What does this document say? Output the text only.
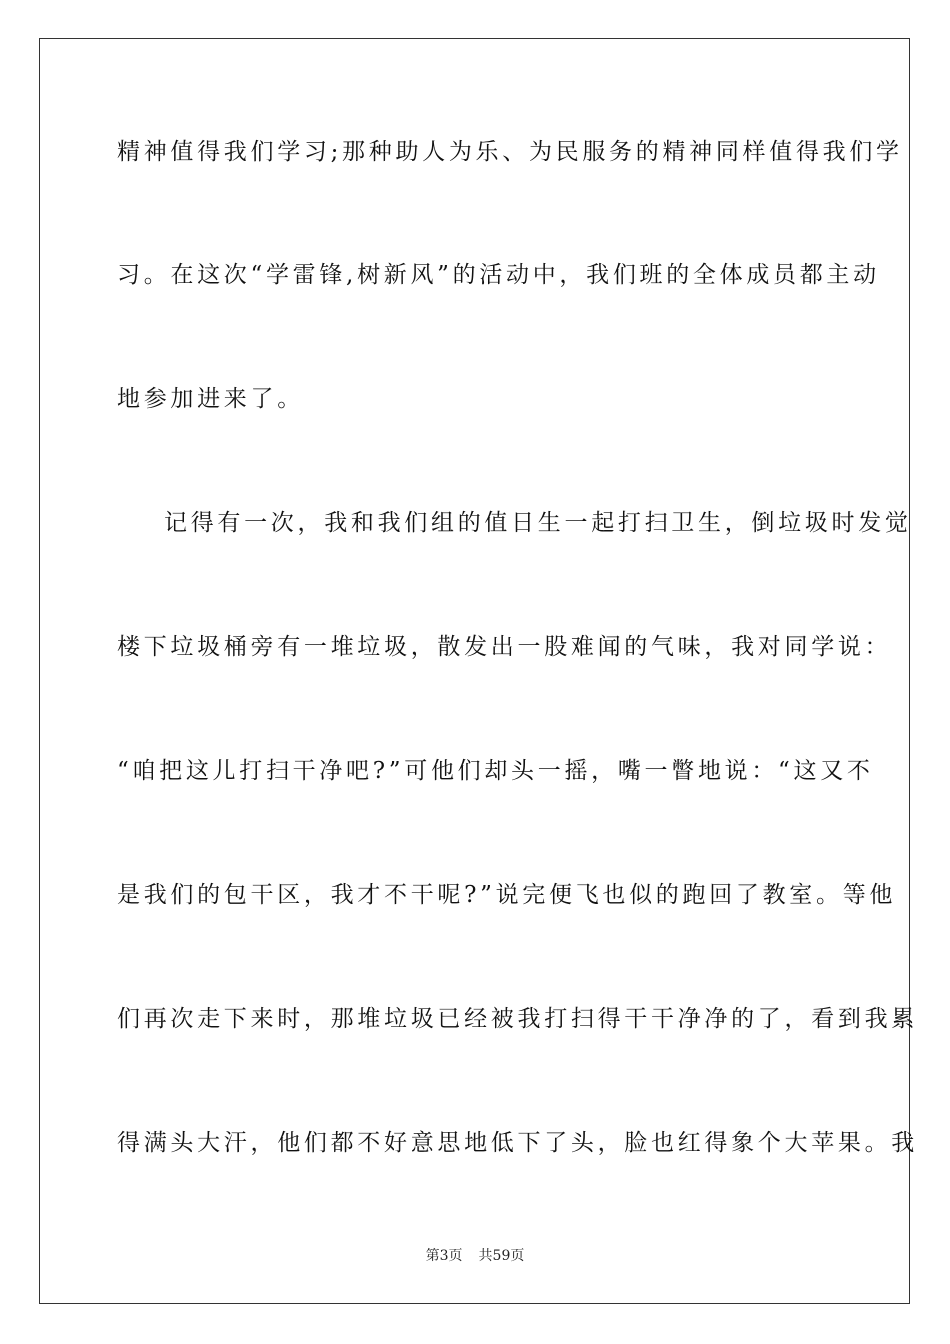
精神值得我们学习;那种助人为乐、为民服务的精神同样值得我们学
习。在这次“学雷锋,树新风”的活动中，我们班的全体成员都主动
地参加进来了。
记得有一次，我和我们组的值日生一起打扫卫生，倒垃圾时发觉
楼下垃圾桶旁有一堆垃圾，散发出一股难闻的气味，我对同学说：
“咱把这儿打扫干净吧?”可他们却头一摇，嘴一瞥地说：“这又不
是我们的包干区，我才不干呢?”说完便飞也似的跑回了教室。等他
们再次走下来时，那堆垃圾已经被我打扫得干干净净的了，看到我累
得满头大汗，他们都不好意思地低下了头，脸也红得象个大苹果。我
第3页 共59页
